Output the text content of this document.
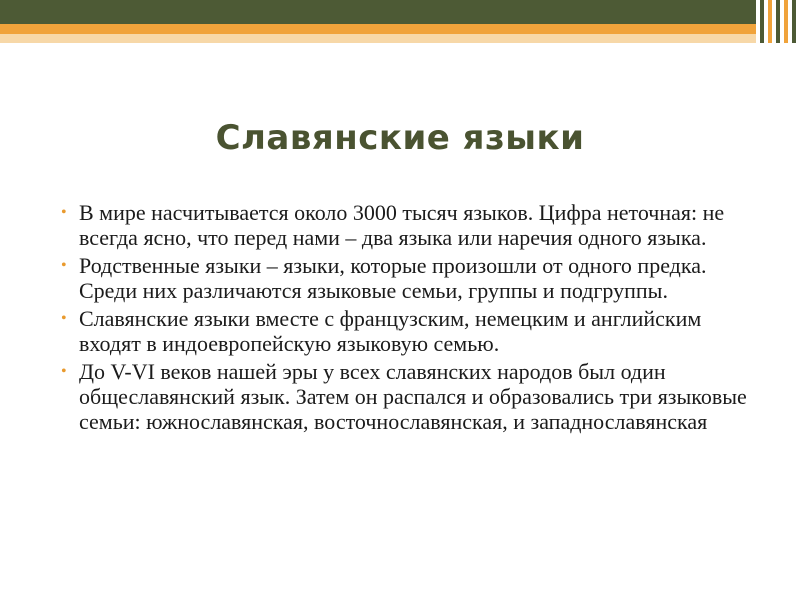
Славянские языки
• В мире насчитывается около 3000 тысяч языков. Цифра неточная: не всегда ясно, что перед нами – два языка или наречия одного языка.
• Родственные языки – языки, которые произошли от одного предка. Среди них различаются языковые семьи, группы и подгруппы.
• Славянские языки вместе с французским, немецким и английским входят в индоевропейскую языковую семью.
• До V-VI веков нашей эры у всех славянских народов был один общеславянский язык. Затем он распался и образовались три языковые семьи: южнославянская, восточнославянская, и западнославянская
